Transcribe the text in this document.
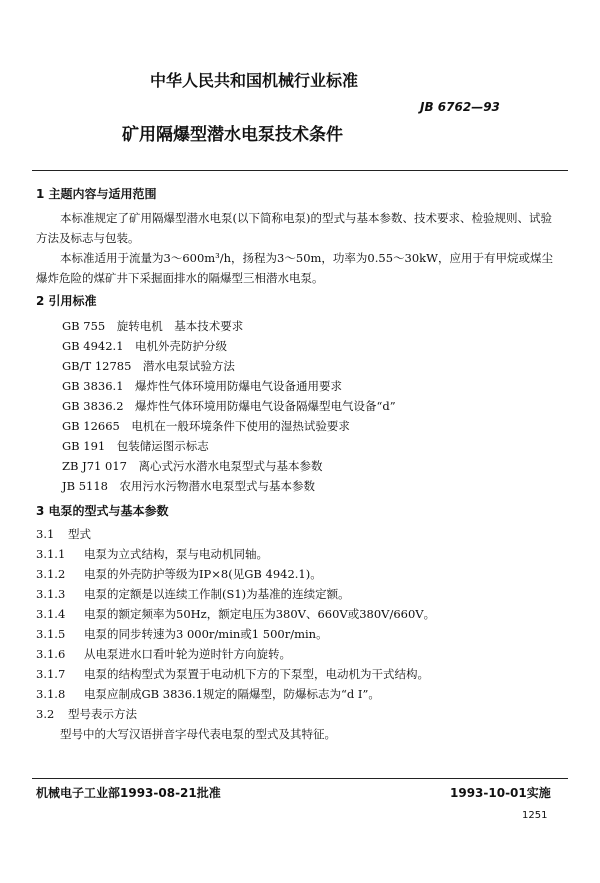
中华人民共和国机械行业标准
JB 6762—93
矿用隔爆型潜水电泵技术条件
1 主题内容与适用范围
本标准规定了矿用隔爆型潜水电泵(以下简称电泵)的型式与基本参数、技术要求、检验规则、试验方法及标志与包装。
本标准适用于流量为3～600m³/h，扬程为3～50m，功率为0.55～30kW，应用于有甲烷或煤尘爆炸危险的煤矿井下采掘面排水的隔爆型三相潜水电泵。
2 引用标准
GB 755　 旋转电机　基本技术要求
GB 4942.1　 电机外壳防护分级
GB/T 12785　 潜水电泵试验方法
GB 3836.1　 爆炸性气体环境用防爆电气设备通用要求
GB 3836.2　 爆炸性气体环境用防爆电气设备隔爆型电气设备“d”
GB 12665　 电机在一般环境条件下使用的湿热试验要求
GB 191　 包装储运图示标志
ZB J71 017　 离心式污水潜水电泵型式与基本参数
JB 5118　 农用污水污物潜水电泵型式与基本参数
3 电泵的型式与基本参数
3.1 型式
3.1.1 电泵为立式结构，泵与电动机同轴。
3.1.2 电泵的外壳防护等级为IP×8(见GB 4942.1)。
3.1.3 电泵的定额是以连续工作制(S1)为基准的连续定额。
3.1.4 电泵的额定频率为50Hz，额定电压为380V、660V或380V/660V。
3.1.5 电泵的同步转速为3 000r/min或1 500r/min。
3.1.6 从电泵进水口看叶轮为逆时针方向旋转。
3.1.7 电泵的结构型式为泵置于电动机下方的下泵型，电动机为干式结构。
3.1.8 电泵应制成GB 3836.1规定的隔爆型，防爆标志为“d I”。
3.2 型号表示方法
型号中的大写汉语拼音字母代表电泵的型式及其特征。
机械电子工业部1993-08-21批准	1993-10-01实施
1251
